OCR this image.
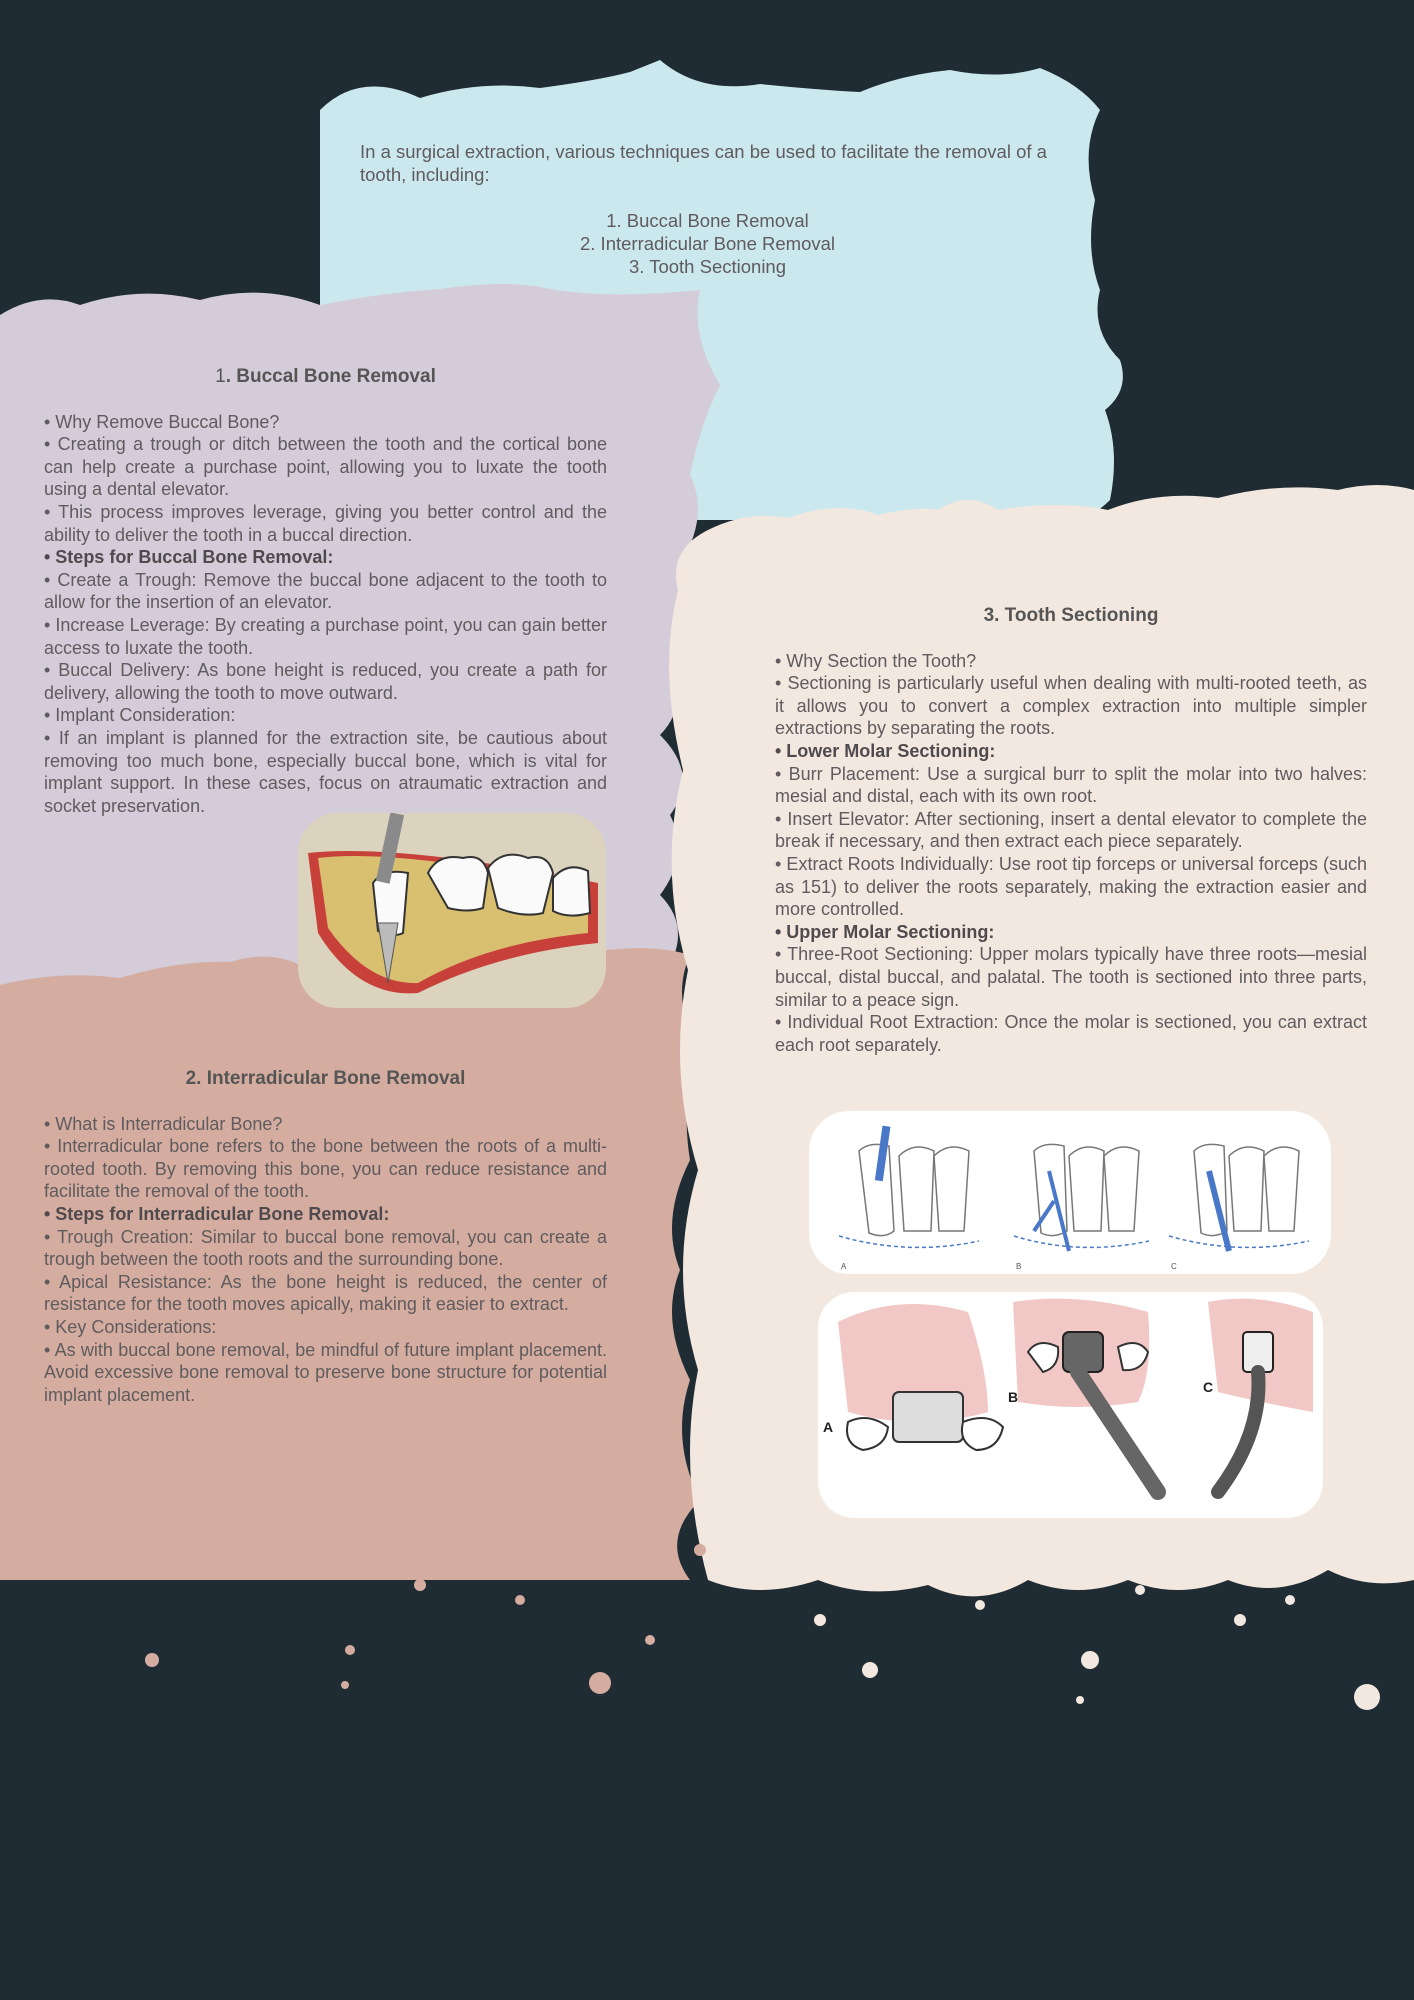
In a surgical extraction, various techniques can be used to facilitate the removal of a tooth, including:

1. Buccal Bone Removal
2. Interradicular Bone Removal
3. Tooth Sectioning
1. Buccal Bone Removal

• Why Remove Buccal Bone?

• Creating a trough or ditch between the tooth and the cortical bone can help create a purchase point, allowing you to luxate the tooth using a dental elevator.

• This process improves leverage, giving you better control and the ability to deliver the tooth in a buccal direction.

• Steps for Buccal Bone Removal:

• Create a Trough: Remove the buccal bone adjacent to the tooth to allow for the insertion of an elevator.

• Increase Leverage: By creating a purchase point, you can gain better access to luxate the tooth.

• Buccal Delivery: As bone height is reduced, you create a path for delivery, allowing the tooth to move outward.

• Implant Consideration:

• If an implant is planned for the extraction site, be cautious about removing too much bone, especially buccal bone, which is vital for implant support. In these cases, focus on atraumatic extraction and socket preservation.

2. Interradicular Bone Removal

• What is Interradicular Bone?

• Interradicular bone refers to the bone between the roots of a multi-rooted tooth. By removing this bone, you can reduce resistance and facilitate the removal of the tooth.

• Steps for Interradicular Bone Removal:

• Trough Creation: Similar to buccal bone removal, you can create a trough between the tooth roots and the surrounding bone.

• Apical Resistance: As the bone height is reduced, the center of resistance for the tooth moves apically, making it easier to extract.

• Key Considerations:

• As with buccal bone removal, be mindful of future implant placement. Avoid excessive bone removal to preserve bone structure for potential implant placement.

3. Tooth Sectioning

• Why Section the Tooth?

• Sectioning is particularly useful when dealing with multi-rooted teeth, as it allows you to convert a complex extraction into multiple simpler extractions by separating the roots.

• Lower Molar Sectioning:

• Burr Placement: Use a surgical burr to split the molar into two halves: mesial and distal, each with its own root.

• Insert Elevator: After sectioning, insert a dental elevator to complete the break if necessary, and then extract each piece separately.

• Extract Roots Individually: Use root tip forceps or universal forceps (such as 151) to deliver the roots separately, making the extraction easier and more controlled.

• Upper Molar Sectioning:

• Three-Root Sectioning: Upper molars typically have three roots—mesial buccal, distal buccal, and palatal. The tooth is sectioned into three parts, similar to a peace sign.

• Individual Root Extraction: Once the molar is sectioned, you can extract each root separately.

A	B	C
A
B
C
